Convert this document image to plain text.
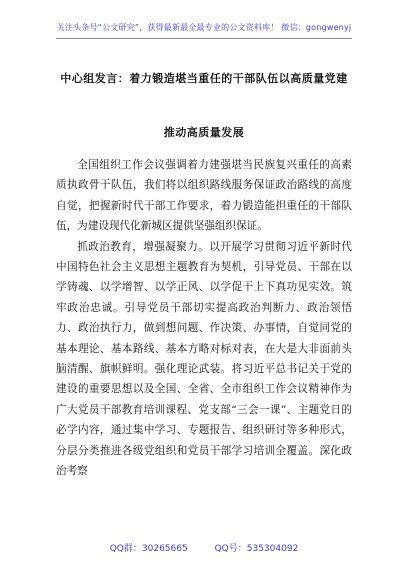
关注头条号“公文研究”，获得最新最全最专业的公文资料库！ 微信：gongwenyj
中心组发言：着力锻造堪当重任的干部队伍以高质量党建
推动高质量发展

全国组织工作会议强调着力建强堪当民族复兴重任的高素质执政骨干队伍，我们将以组织路线服务保证政治路线的高度自觉，把握新时代干部工作要求，着力锻造能担重任的干部队伍，为建设现代化新城区提供坚强组织保证。

抓政治教育，增强凝聚力。以开展学习贯彻习近平新时代中国特色社会主义思想主题教育为契机，引导党员、干部在以学铸魂、以学增智、以学正风、以学促干上下真功见实效。筑牢政治忠诚。引导党员干部切实提高政治判断力、政治领悟力、政治执行力，做到想问题、作决策、办事情，自觉同党的基本理论、基本路线、基本方略对标对表，在大是大非面前头脑清醒、旗帜鲜明。强化理论武装。将习近平总书记关于党的建设的重要思想以及全国、全省、全市组织工作会议精神作为广大党员干部教育培训课程、党支部“三会一课”、主题党日的必学内容，通过集中学习、专题报告、组织研讨等多种形式，分层分类推进各级党组织和党员干部学习培训全覆盖。深化政治考察

QQ群：30265665	QQ号：535304092
